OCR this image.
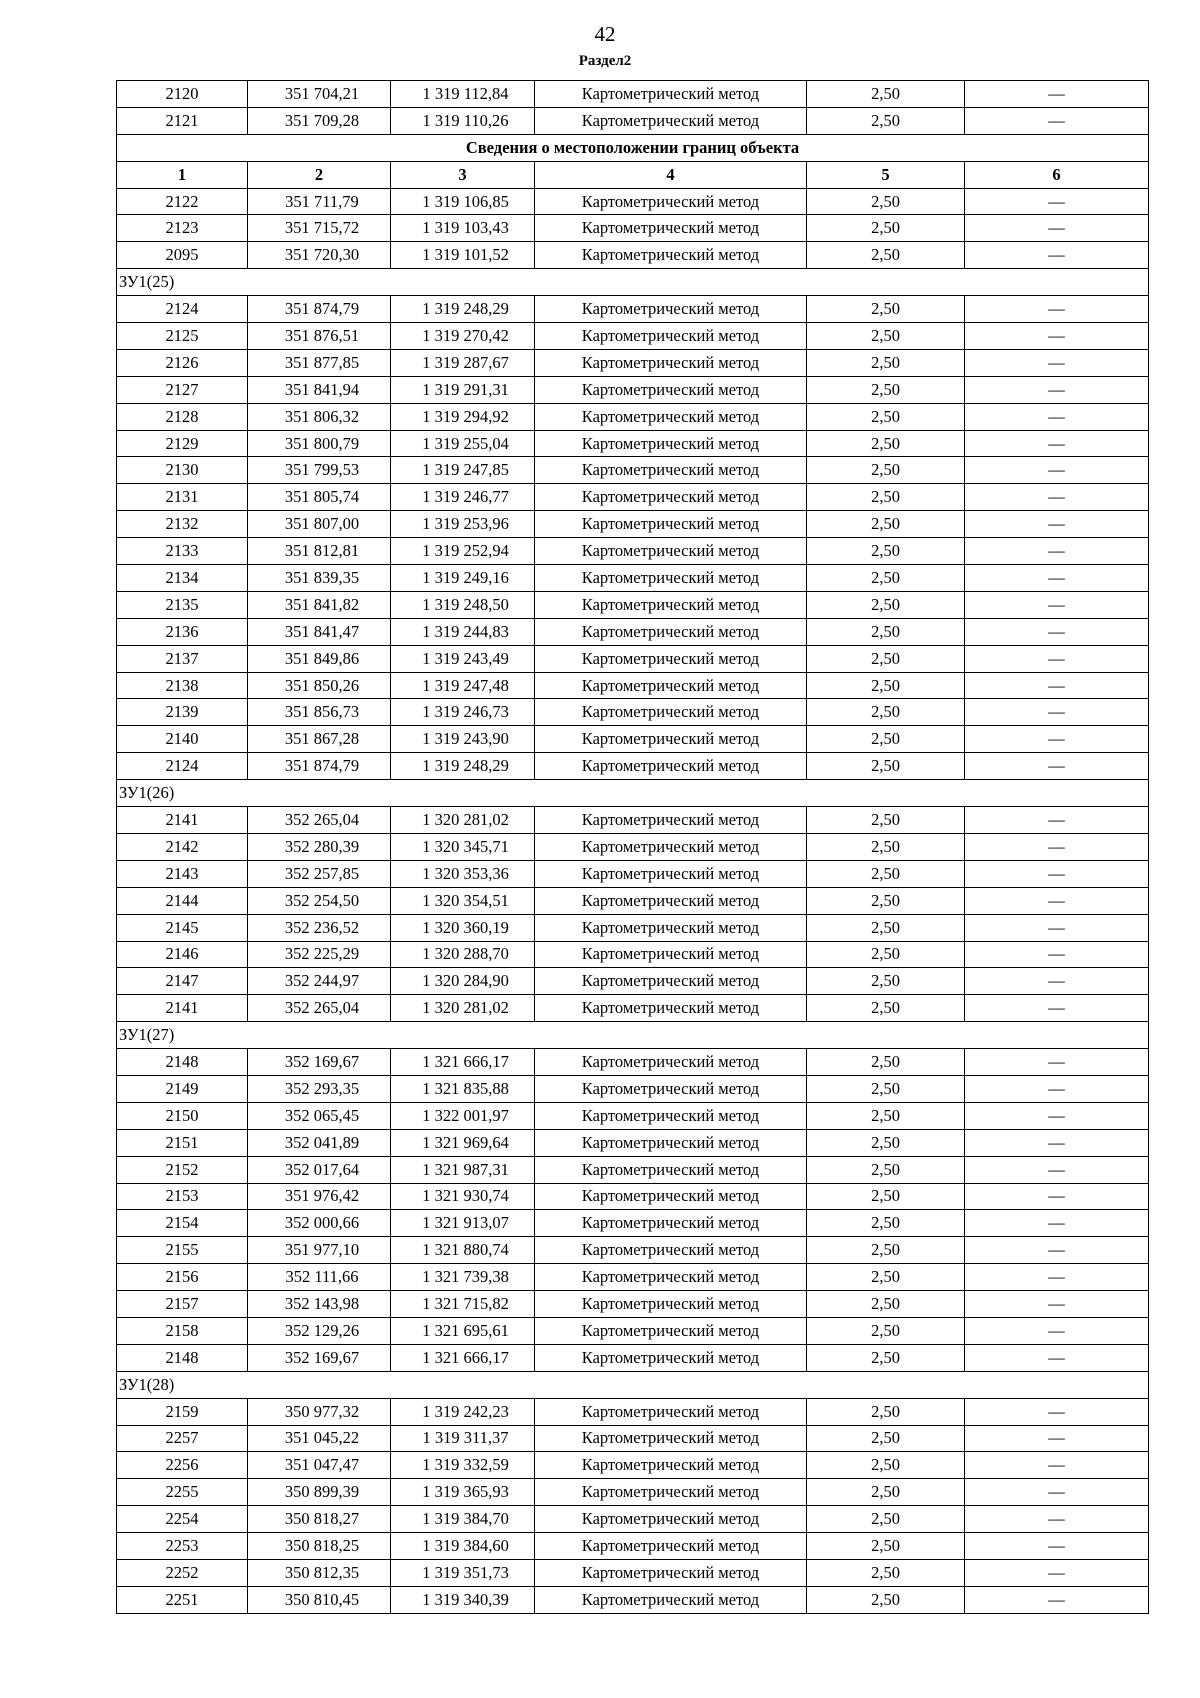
42
Раздел2
2120	351 704,21	1 319 112,84	Картометрический метод	2,50	—
2121	351 709,28	1 319 110,26	Картометрический метод	2,50	—
Сведения о местоположении границ объекта					
1	2	3	4	5	6
2122	351 711,79	1 319 106,85	Картометрический метод	2,50	—
2123	351 715,72	1 319 103,43	Картометрический метод	2,50	—
2095	351 720,30	1 319 101,52	Картометрический метод	2,50	—
ЗУ1(25)					
2124	351 874,79	1 319 248,29	Картометрический метод	2,50	—
2125	351 876,51	1 319 270,42	Картометрический метод	2,50	—
2126	351 877,85	1 319 287,67	Картометрический метод	2,50	—
2127	351 841,94	1 319 291,31	Картометрический метод	2,50	—
2128	351 806,32	1 319 294,92	Картометрический метод	2,50	—
2129	351 800,79	1 319 255,04	Картометрический метод	2,50	—
2130	351 799,53	1 319 247,85	Картометрический метод	2,50	—
2131	351 805,74	1 319 246,77	Картометрический метод	2,50	—
2132	351 807,00	1 319 253,96	Картометрический метод	2,50	—
2133	351 812,81	1 319 252,94	Картометрический метод	2,50	—
2134	351 839,35	1 319 249,16	Картометрический метод	2,50	—
2135	351 841,82	1 319 248,50	Картометрический метод	2,50	—
2136	351 841,47	1 319 244,83	Картометрический метод	2,50	—
2137	351 849,86	1 319 243,49	Картометрический метод	2,50	—
2138	351 850,26	1 319 247,48	Картометрический метод	2,50	—
2139	351 856,73	1 319 246,73	Картометрический метод	2,50	—
2140	351 867,28	1 319 243,90	Картометрический метод	2,50	—
2124	351 874,79	1 319 248,29	Картометрический метод	2,50	—
ЗУ1(26)					
2141	352 265,04	1 320 281,02	Картометрический метод	2,50	—
2142	352 280,39	1 320 345,71	Картометрический метод	2,50	—
2143	352 257,85	1 320 353,36	Картометрический метод	2,50	—
2144	352 254,50	1 320 354,51	Картометрический метод	2,50	—
2145	352 236,52	1 320 360,19	Картометрический метод	2,50	—
2146	352 225,29	1 320 288,70	Картометрический метод	2,50	—
2147	352 244,97	1 320 284,90	Картометрический метод	2,50	—
2141	352 265,04	1 320 281,02	Картометрический метод	2,50	—
ЗУ1(27)					
2148	352 169,67	1 321 666,17	Картометрический метод	2,50	—
2149	352 293,35	1 321 835,88	Картометрический метод	2,50	—
2150	352 065,45	1 322 001,97	Картометрический метод	2,50	—
2151	352 041,89	1 321 969,64	Картометрический метод	2,50	—
2152	352 017,64	1 321 987,31	Картометрический метод	2,50	—
2153	351 976,42	1 321 930,74	Картометрический метод	2,50	—
2154	352 000,66	1 321 913,07	Картометрический метод	2,50	—
2155	351 977,10	1 321 880,74	Картометрический метод	2,50	—
2156	352 111,66	1 321 739,38	Картометрический метод	2,50	—
2157	352 143,98	1 321 715,82	Картометрический метод	2,50	—
2158	352 129,26	1 321 695,61	Картометрический метод	2,50	—
2148	352 169,67	1 321 666,17	Картометрический метод	2,50	—
ЗУ1(28)					
2159	350 977,32	1 319 242,23	Картометрический метод	2,50	—
2257	351 045,22	1 319 311,37	Картометрический метод	2,50	—
2256	351 047,47	1 319 332,59	Картометрический метод	2,50	—
2255	350 899,39	1 319 365,93	Картометрический метод	2,50	—
2254	350 818,27	1 319 384,70	Картометрический метод	2,50	—
2253	350 818,25	1 319 384,60	Картометрический метод	2,50	—
2252	350 812,35	1 319 351,73	Картометрический метод	2,50	—
2251	350 810,45	1 319 340,39	Картометрический метод	2,50	—
